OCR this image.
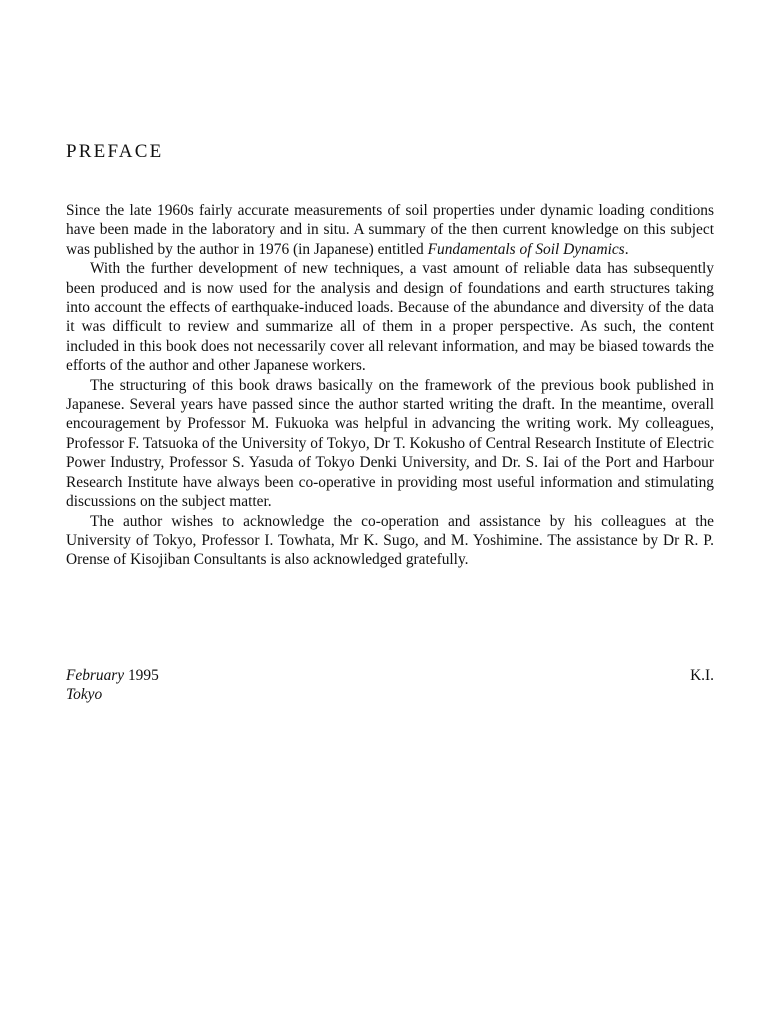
PREFACE

Since the late 1960s fairly accurate measurements of soil properties under dynamic loading conditions have been made in the laboratory and in situ. A summary of the then current knowledge on this subject was published by the author in 1976 (in Japanese) entitled Fundamentals of Soil Dynamics.

With the further development of new techniques, a vast amount of reliable data has subsequently been produced and is now used for the analysis and design of foundations and earth structures taking into account the effects of earthquake-induced loads. Because of the abundance and diversity of the data it was difficult to review and summarize all of them in a proper perspective. As such, the content included in this book does not necessarily cover all relevant information, and may be biased towards the efforts of the author and other Japanese workers.

The structuring of this book draws basically on the framework of the previous book published in Japanese. Several years have passed since the author started writing the draft. In the meantime, overall encouragement by Professor M. Fukuoka was helpful in advancing the writing work. My colleagues, Professor F. Tatsuoka of the University of Tokyo, Dr T. Kokusho of Central Research Institute of Electric Power Industry, Professor S. Yasuda of Tokyo Denki University, and Dr. S. Iai of the Port and Harbour Research Institute have always been co-operative in providing most useful information and stimulating discussions on the subject matter.

The author wishes to acknowledge the co-operation and assistance by his colleagues at the University of Tokyo, Professor I. Towhata, Mr K. Sugo, and M. Yoshimine. The assistance by Dr R. P. Orense of Kisojiban Consultants is also acknowledged gratefully.

February 1995	K.I.
Tokyo
